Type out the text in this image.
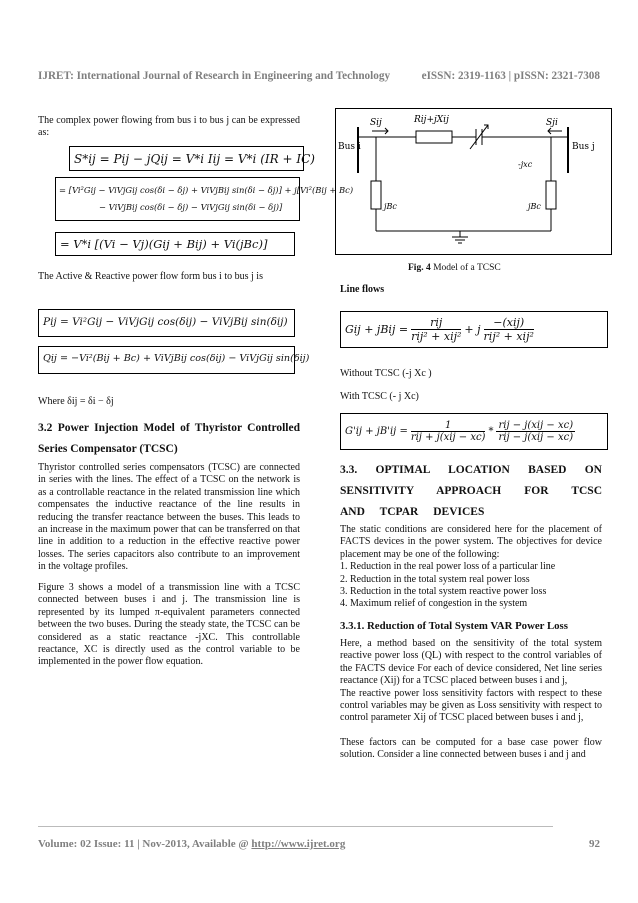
IJRET: International Journal of Research in Engineering and Technology	eISSN: 2319-1163 | pISSN: 2321-7308

The complex power flowing from bus i to bus j can be expressed as:

S*ij = Pij − jQij = V*i Iij = V*i (IR + IC)
= [Vi²Gij − ViVjGij cos(δi − δj) + ViVjBij sin(δi − δj)] + j[Vi²(Bij + Bc)
− ViVjBij cos(δi − δj) − ViVjGij sin(δi − δj)]
= V*i [(Vi − Vj)(Gij + Bij) + Vi(jBc)]

The Active & Reactive power flow form bus i to bus j is

Pij = Vi²Gij − ViVjGij cos(δij) − ViVjBij sin(δij)
Qij = −Vi²(Bij + Bc) + ViVjBij cos(δij) − ViVjGij sin(δij)

Where δij = δi − δj

3.2 Power Injection Model of Thyristor Controlled Series Compensator (TCSC)

Thyristor controlled series compensators (TCSC) are connected in series with the lines. The effect of a TCSC on the network is as a controllable reactance in the related transmission line which compensates the inductive reactance of the line results in reducing the transfer reactance between the buses. This leads to an increase in the maximum power that can be transferred on that line in addition to a reduction in the effective reactive power losses. The series capacitors also contribute to an improvement in the voltage profiles.

Figure 3 shows a model of a transmission line with a TCSC connected between buses i and j. The transmission line is represented by its lumped π-equivalent parameters connected between the two buses. During the steady state, the TCSC can be considered as a static reactance -jXC. This controllable reactance, XC is directly used as the control variable to be implemented in the power flow equation.

Sij	Sji
Rij+jXij
Bus i	Bus j
-jxc
jBc	jBc
Fig. 4 Model of a TCSC
Line flows
Gij + jBij = $\frac{\text{rij}}{\text{rij² + xij²}} + j \frac{\text{−(xij)}}{\text{rij² + xij²}}$
Without TCSC (-j Xc )
With TCSC (- j Xc)
$G'ij + jB'ij = \frac{1}{\text{rij + j(xij − xc)}} * \frac{\text{rij − j(xij − xc)}}{\text{rij − j(xij − xc)}}$
3.3. OPTIMAL LOCATION BASED ON SENSITIVITY APPROACH FOR TCSC AND TCPAR DEVICES

The static conditions are considered here for the placement of FACTS devices in the power system. The objectives for device placement may be one of the following:

1. Reduction in the real power loss of a particular line
2. Reduction in the total system real power loss
3. Reduction in the total system reactive power loss
4. Maximum relief of congestion in the system
3.3.1. Reduction of Total System VAR Power Loss

Here, a method based on the sensitivity of the total system reactive power loss (QL) with respect to the control variables of the FACTS device For each of device considered, Net line series reactance (Xij) for a TCSC placed between buses i and j,

The reactive power loss sensitivity factors with respect to these control variables may be given as Loss sensitivity with respect to control parameter Xij of TCSC placed between buses i and j,

These factors can be computed for a base case power flow solution. Consider a line connected between buses i and j and

Volume: 02 Issue: 11 | Nov-2013, Available @ http://www.ijret.org	92
